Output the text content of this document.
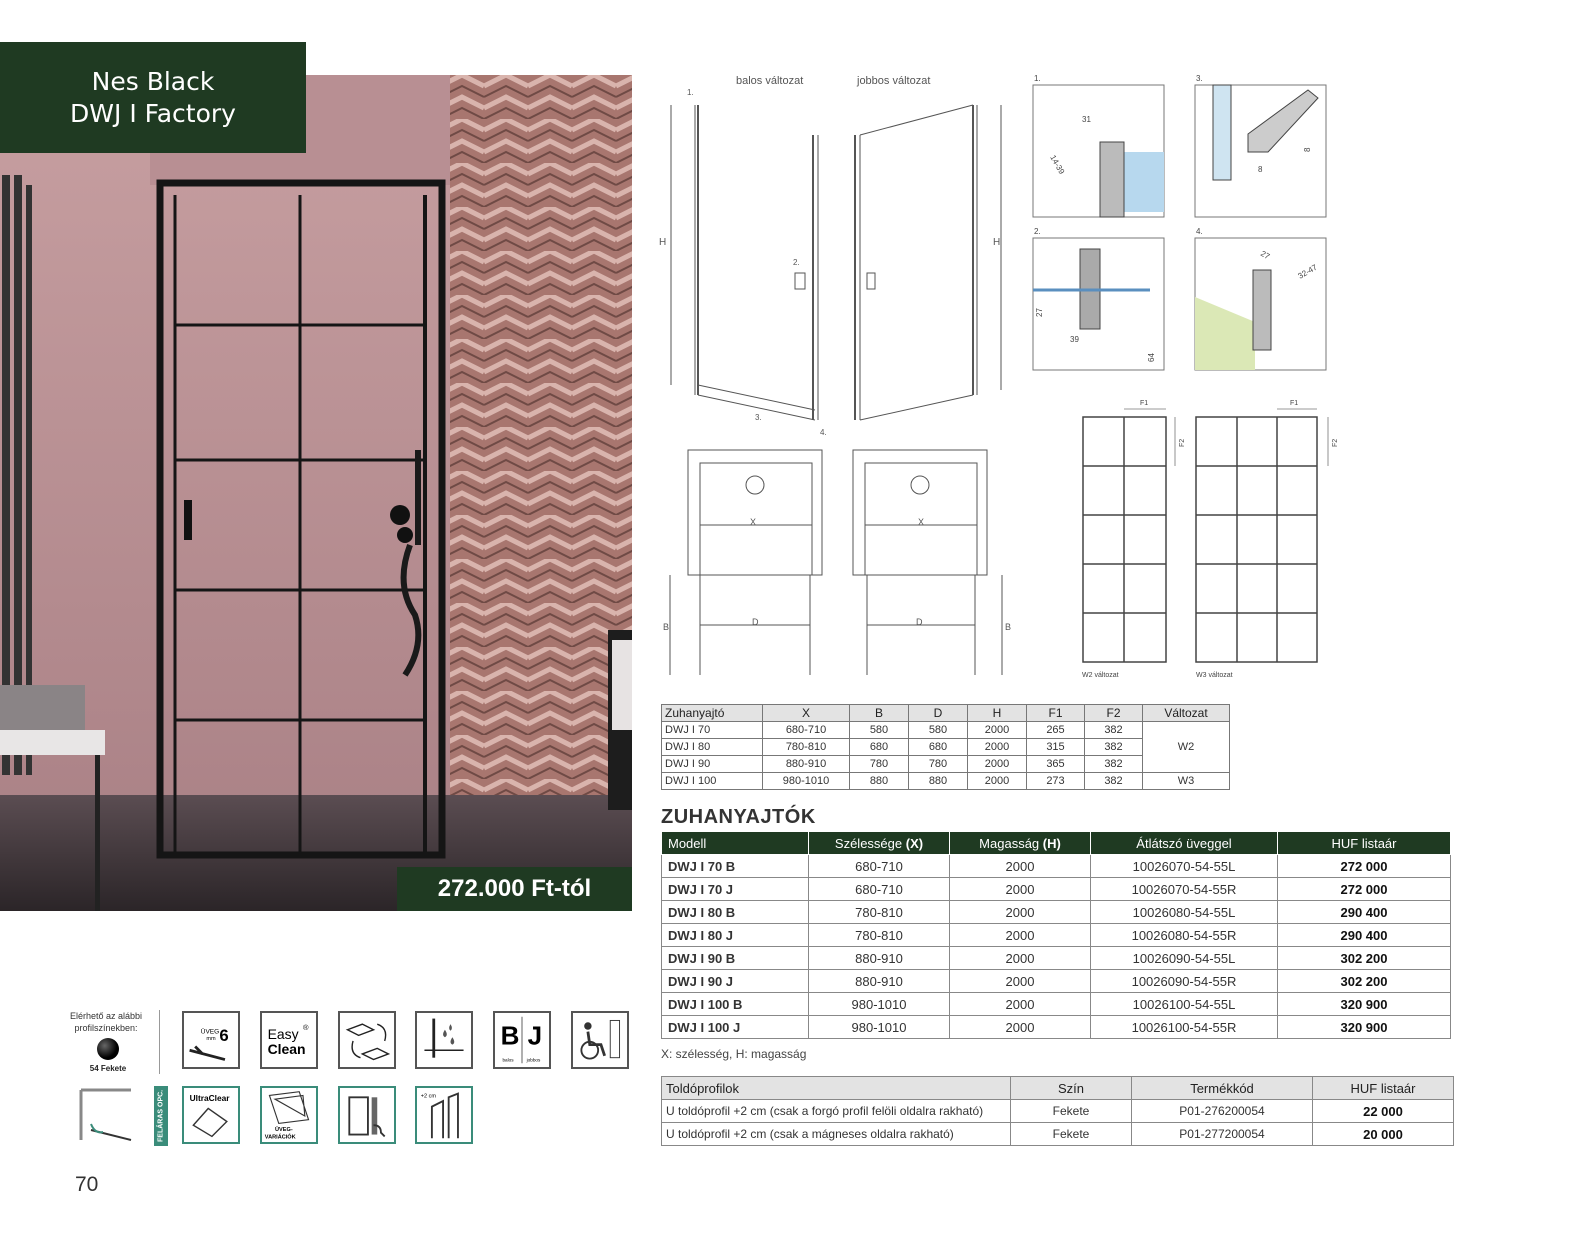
Nes Black
DWJ I Factory
272.000 Ft-tól
Elérhető az alábbi profilszínekben:
54 Fekete
ÜVEG
mm 6	Easy ®
Clean	B J
balos	jobbos
FELÁRAS OPC.	UltraClear
ÜVEG-
VARIÁCIÓK
+2 cm
70
balos változat	jobbos változat
H	H
X	X
D	D
B	B
1.
2.
3.
4.
1.	3.
2.	4.
31
14-39
27
39
64
8
8
27
32-47
F1
F2
F1
F2
W2 változat	W3 változat
Zuhanyajtó	X	B	D	H	F1	F2	Változat
DWJ I 70	680-710	580	580	2000	265	382	W2
DWJ I 80	780-810	680	680	2000	315	382	
DWJ I 90	880-910	780	780	2000	365	382	
DWJ I 100	980-1010	880	880	2000	273	382	W3
ZUHANYAJTÓK
Modell	Szélessége (X)	Magasság (H)	Átlátszó üveggel	HUF listaár
DWJ I 70 B	680-710	2000	10026070-54-55L	272 000
DWJ I 70 J	680-710	2000	10026070-54-55R	272 000
DWJ I 80 B	780-810	2000	10026080-54-55L	290 400
DWJ I 80 J	780-810	2000	10026080-54-55R	290 400
DWJ I 90 B	880-910	2000	10026090-54-55L	302 200
DWJ I 90 J	880-910	2000	10026090-54-55R	302 200
DWJ I 100 B	980-1010	2000	10026100-54-55L	320 900
DWJ I 100 J	980-1010	2000	10026100-54-55R	320 900
X: szélesség, H: magasság
Toldóprofilok	Szín	Termékkód	HUF listaár
U toldóprofil +2 cm (csak a forgó profil felöli oldalra rakható)	Fekete	P01-276200054	22 000
U toldóprofil +2 cm (csak a mágneses oldalra rakható)	Fekete	P01-277200054	20 000
